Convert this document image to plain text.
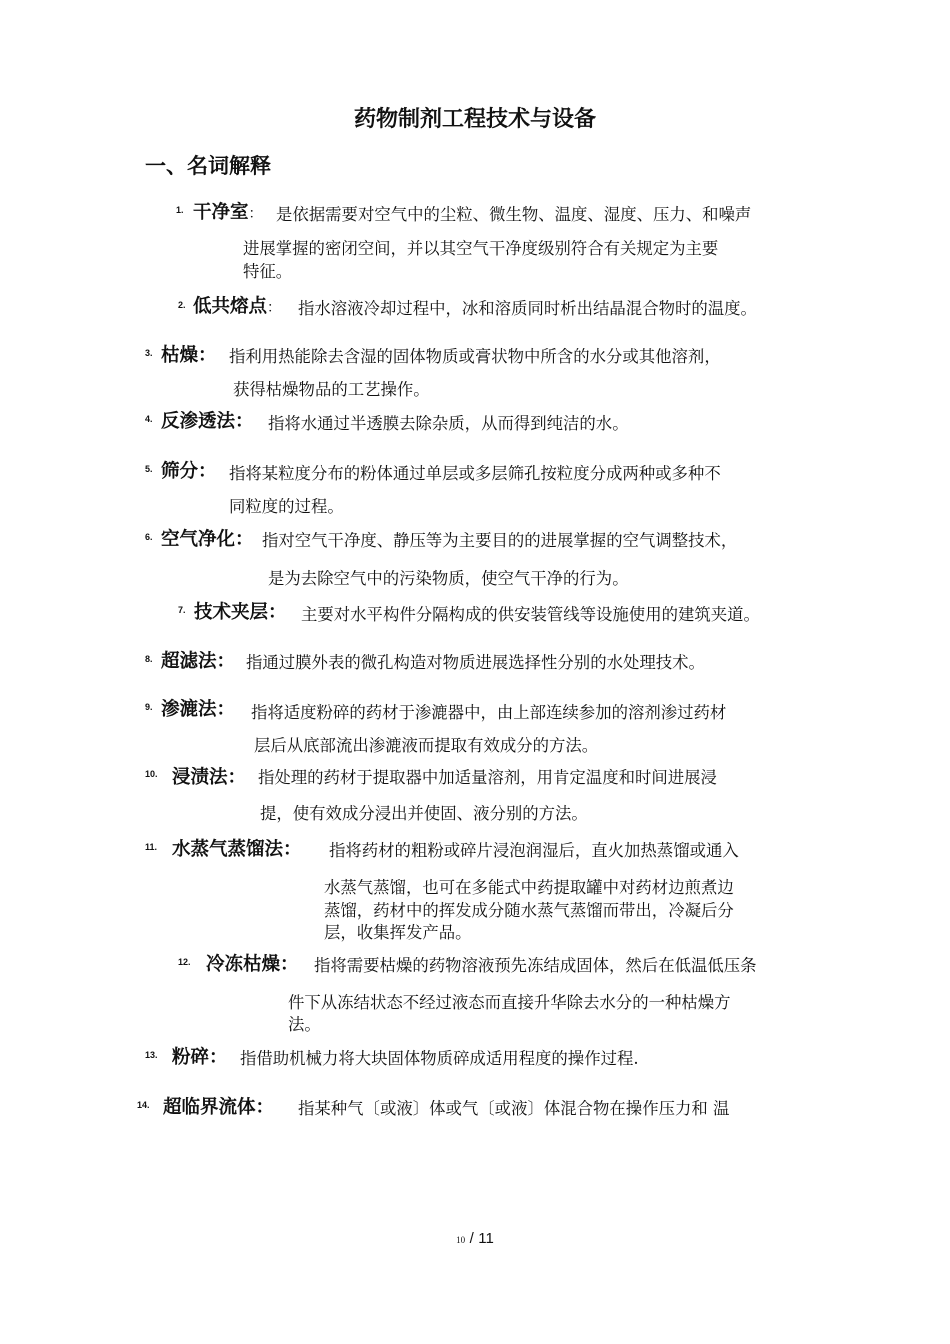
药物制剂工程技术与设备
一、名词解释
1. 干净室： 是依据需要对空气中的尘粒、微生物、温度、湿度、压力、和噪声
进展掌握的密闭空间，并以其空气干净度级别符合有关规定为主要
特征。
2. 低共熔点： 指水溶液冷却过程中，冰和溶质同时析出结晶混合物时的温度。
3. 枯燥： 指利用热能除去含湿的固体物质或膏状物中所含的水分或其他溶剂，
获得枯燥物品的工艺操作。
4. 反渗透法： 指将水通过半透膜去除杂质，从而得到纯洁的水。
5. 筛分： 指将某粒度分布的粉体通过单层或多层筛孔按粒度分成两种或多种不
同粒度的过程。
6. 空气净化： 指对空气干净度、静压等为主要目的的进展掌握的空气调整技术，
是为去除空气中的污染物质，使空气干净的行为。
7. 技术夹层： 主要对水平构件分隔构成的供安装管线等设施使用的建筑夹道。
8. 超滤法： 指通过膜外表的微孔构造对物质进展选择性分别的水处理技术。
9. 渗漉法： 指将适度粉碎的药材于渗漉器中，由上部连续参加的溶剂渗过药材
层后从底部流出渗漉液而提取有效成分的方法。
10. 浸渍法： 指处理的药材于提取器中加适量溶剂，用肯定温度和时间进展浸
提，使有效成分浸出并使固、液分别的方法。
11. 水蒸气蒸馏法： 指将药材的粗粉或碎片浸泡润湿后，直火加热蒸馏或通入
水蒸气蒸馏，也可在多能式中药提取罐中对药材边煎煮边
蒸馏，药材中的挥发成分随水蒸气蒸馏而带出，冷凝后分
层，收集挥发产品。
12. 冷冻枯燥： 指将需要枯燥的药物溶液预先冻结成固体，然后在低温低压条
件下从冻结状态不经过液态而直接升华除去水分的一种枯燥方
法。
13. 粉碎： 指借助机械力将大块固体物质碎成适用程度的操作过程.
14. 超临界流体： 指某种气〔或液〕体或气〔或液〕体混合物在操作压力和 温
10 / 11
